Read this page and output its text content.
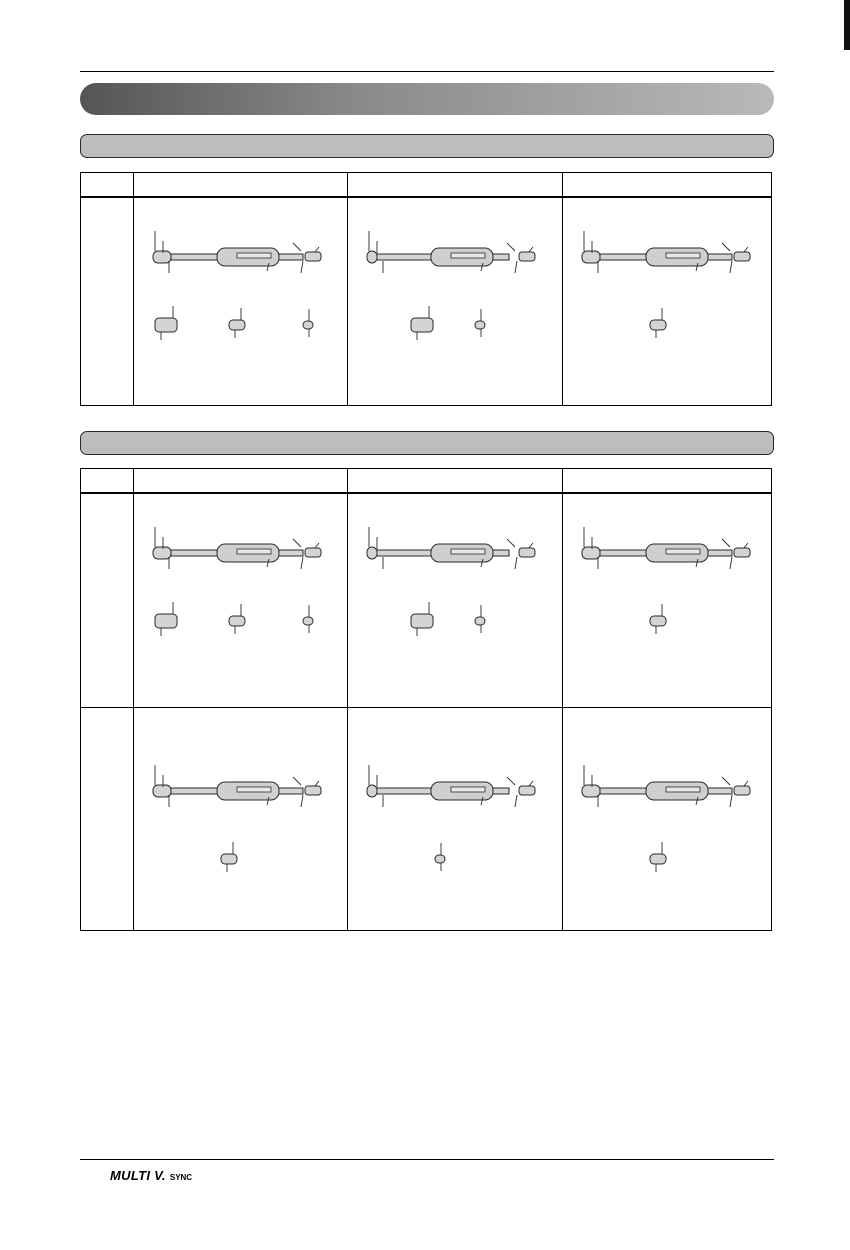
MULTI V. SYNC
